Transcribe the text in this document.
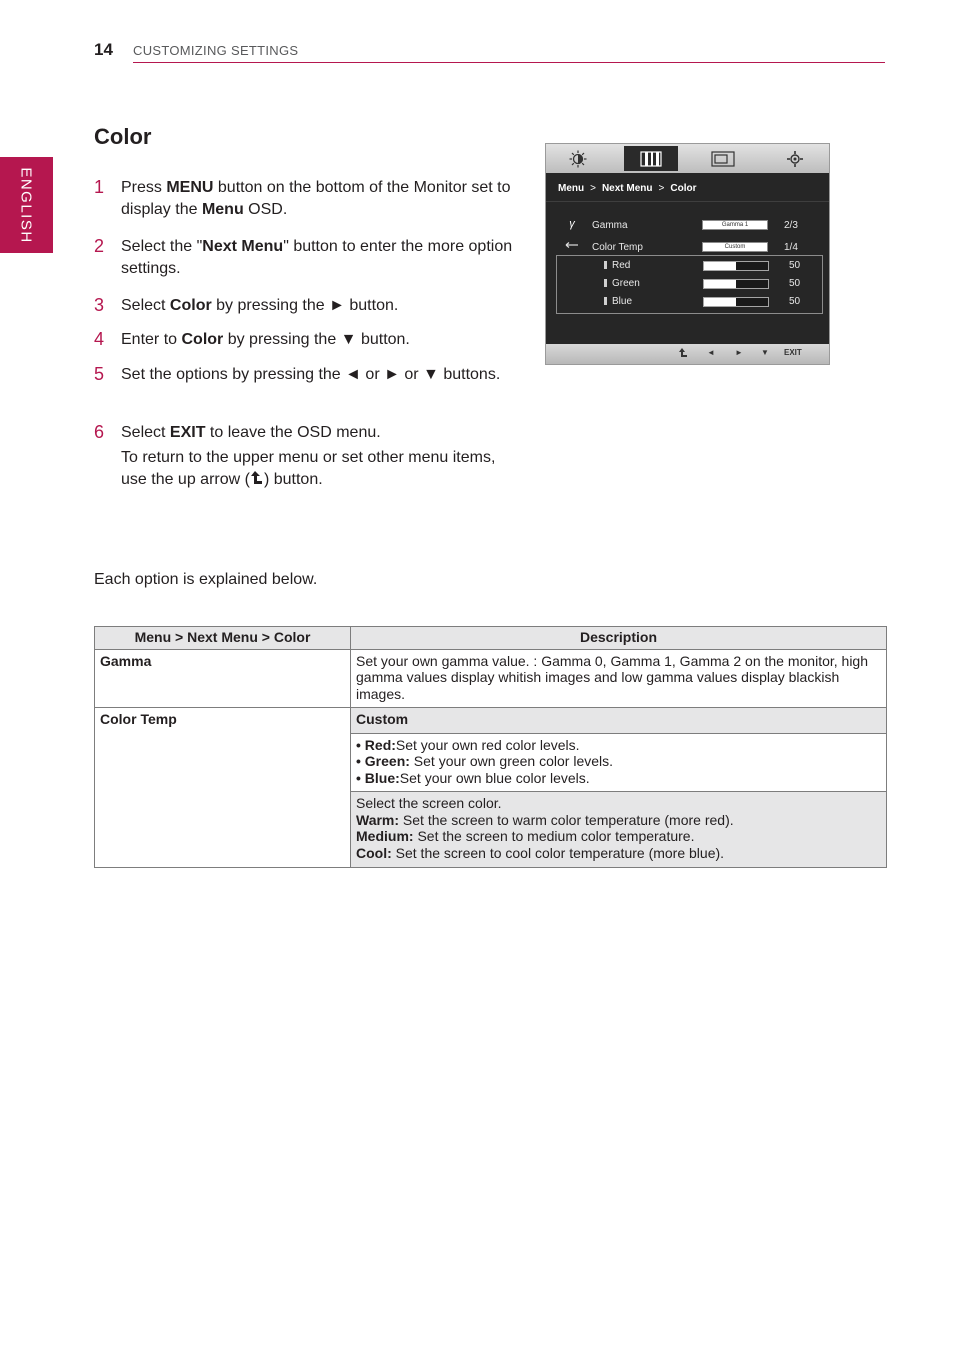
14 CUSTOMIZING SETTINGS
ENGLISH
Color
1 Press MENU button on the bottom of the Monitor set to display the Menu OSD.
2 Select the "Next Menu" button to enter the more option settings.
3 Select Color by pressing the ► button.
4 Enter to Color by pressing the ▼ button.
5 Set the options by pressing the ◄ or ► or ▼ buttons.
6 Select EXIT to leave the OSD menu.
To return to the upper menu or set other menu items, use the up arrow ( ) button.
Menu > Next Menu > Color
γ	Gamma	Gamma 1	2/3
Color Temp	Custom	1/4
Red	50
Green	50
Blue	50
◄	► ▼ EXIT
Each option is explained below.
Menu > Next Menu > Color	Description
Gamma	Set your own gamma value. : Gamma 0, Gamma 1, Gamma 2 on the monitor, high gamma values display whitish images and low gamma values display blackish images.
Color Temp	Custom

	• Red:Set your own red color levels.
• Green: Set your own green color levels.
• Blue:Set your own blue color levels.

	Select the screen color.
Warm: Set the screen to warm color temperature (more red).
Medium: Set the screen to medium color temperature.
Cool: Set the screen to cool color temperature (more blue).
